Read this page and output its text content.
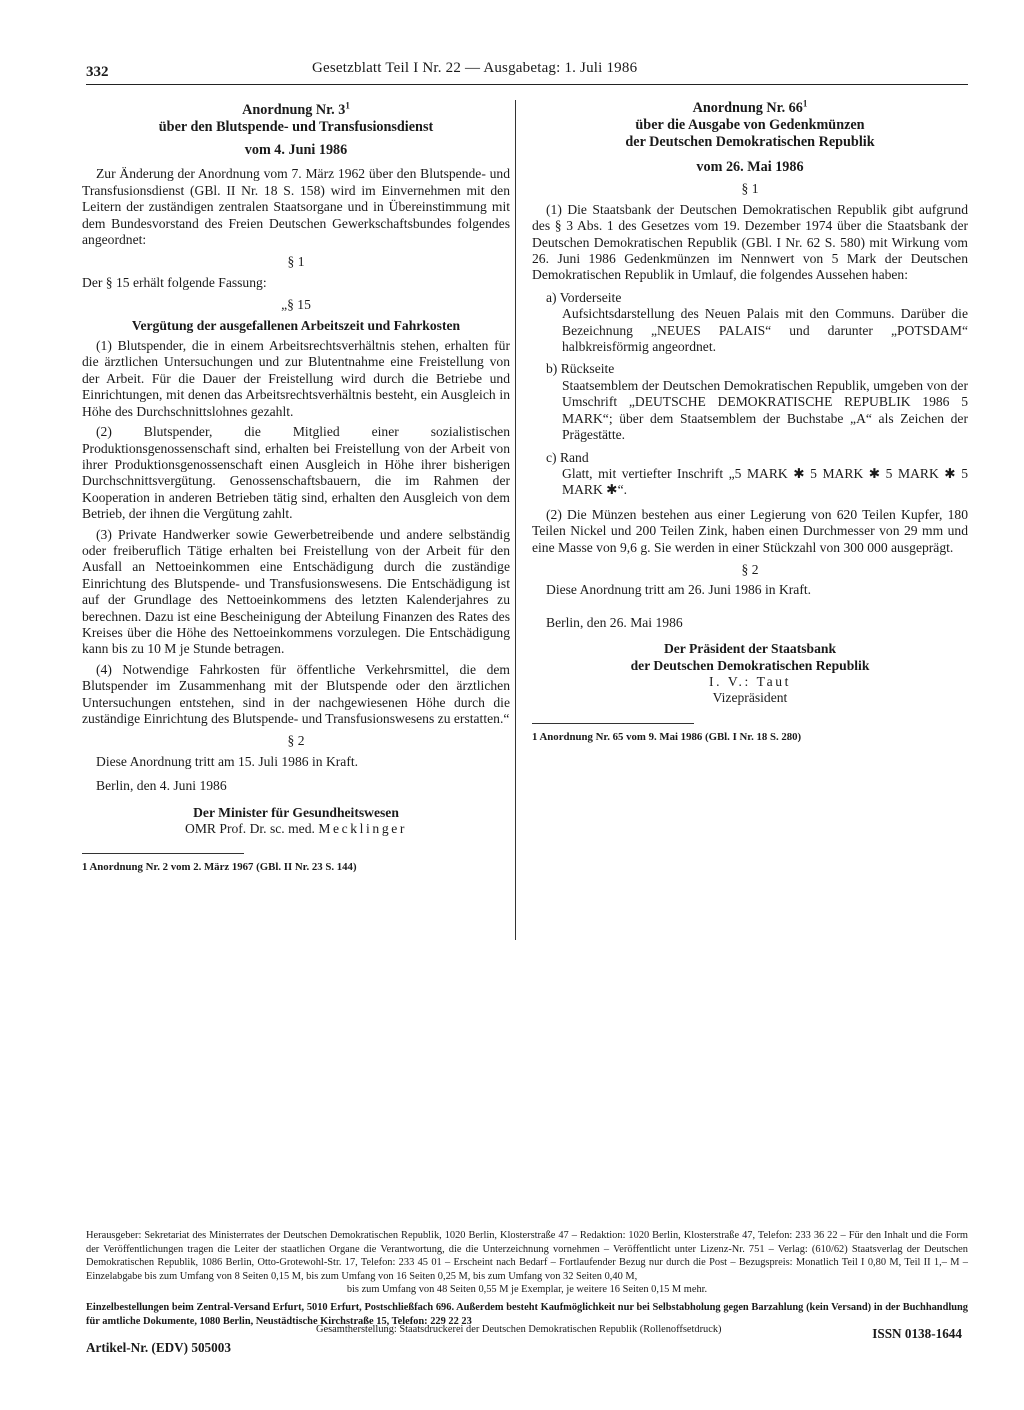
332	Gesetzblatt Teil I Nr. 22 — Ausgabetag: 1. Juli 1986
Anordnung Nr. $3^1$
über den Blutspende- und Transfusionsdienst
vom 4. Juni 1986

Zur Änderung der Anordnung vom 7. März 1962 über den Blutspende- und Transfusionsdienst (GBl. II Nr. 18 S. 158) wird im Einvernehmen mit den Leitern der zuständigen zentralen Staatsorgane und in Übereinstimmung mit dem Bundesvorstand des Freien Deutschen Gewerkschaftsbundes folgendes angeordnet:

§ 1

Der § 15 erhält folgende Fassung:

„§ 15
Vergütung der ausgefallenen Arbeitszeit und Fahrkosten

(1) Blutspender, die in einem Arbeitsrechtsverhältnis stehen, erhalten für die ärztlichen Untersuchungen und zur Blutentnahme eine Freistellung von der Arbeit. Für die Dauer der Freistellung wird durch die Betriebe und Einrichtungen, mit denen das Arbeitsrechtsverhältnis besteht, ein Ausgleich in Höhe des Durchschnittslohnes gezahlt.

(2) Blutspender, die Mitglied einer sozialistischen Produktionsgenossenschaft sind, erhalten bei Freistellung von der Arbeit von ihrer Produktionsgenossenschaft einen Ausgleich in Höhe ihrer bisherigen Durchschnittsvergütung. Genossenschaftsbauern, die im Rahmen der Kooperation in anderen Betrieben tätig sind, erhalten den Ausgleich von dem Betrieb, der ihnen die Vergütung zahlt.

(3) Private Handwerker sowie Gewerbetreibende und andere selbständig oder freiberuflich Tätige erhalten bei Freistellung von der Arbeit für den Ausfall an Nettoeinkommen eine Entschädigung durch die zuständige Einrichtung des Blutspende- und Transfusionswesens. Die Entschädigung ist auf der Grundlage des Nettoeinkommens des letzten Kalenderjahres zu berechnen. Dazu ist eine Bescheinigung der Abteilung Finanzen des Rates des Kreises über die Höhe des Nettoeinkommens vorzulegen. Die Entschädigung kann bis zu 10 M je Stunde betragen.

(4) Notwendige Fahrkosten für öffentliche Verkehrsmittel, die dem Blutspender im Zusammenhang mit der Blutspende oder den ärztlichen Untersuchungen entstehen, sind in der nachgewiesenen Höhe durch die zuständige Einrichtung des Blutspende- und Transfusionswesens zu erstatten.“

§ 2

Diese Anordnung tritt am 15. Juli 1986 in Kraft.

Berlin, den 4. Juni 1986

Der Minister für Gesundheitswesen
OMR Prof. Dr. sc. med. Mecklinger
1 Anordnung Nr. 2 vom 2. März 1967 (GBl. II Nr. 23 S. 144)
Anordnung Nr. $66^1$
über die Ausgabe von Gedenkmünzen
der Deutschen Demokratischen Republik
vom 26. Mai 1986
§ 1

(1) Die Staatsbank der Deutschen Demokratischen Republik gibt aufgrund des § 3 Abs. 1 des Gesetzes vom 19. Dezember 1974 über die Staatsbank der Deutschen Demokratischen Republik (GBl. I Nr. 62 S. 580) mit Wirkung vom 26. Juni 1986 Gedenkmünzen im Nennwert von 5 Mark der Deutschen Demokratischen Republik in Umlauf, die folgendes Aussehen haben:

a) Vorderseite
Aufsichtsdarstellung des Neuen Palais mit den Communs. Darüber die Bezeichnung „NEUES PALAIS“ und darunter „POTSDAM“ halbkreisförmig angeordnet.
b) Rückseite
Staatsemblem der Deutschen Demokratischen Republik, umgeben von der Umschrift „DEUTSCHE DEMOKRATISCHE REPUBLIK 1986 5 MARK“; über dem Staatsemblem der Buchstabe „A“ als Zeichen der Prägestätte.
c) Rand
Glatt, mit vertiefter Inschrift „5 MARK ✱ 5 MARK ✱ 5 MARK ✱ 5 MARK ✱“.

(2) Die Münzen bestehen aus einer Legierung von 620 Teilen Kupfer, 180 Teilen Nickel und 200 Teilen Zink, haben einen Durchmesser von 29 mm und eine Masse von 9,6 g. Sie werden in einer Stückzahl von 300 000 ausgeprägt.

§ 2

Diese Anordnung tritt am 26. Juni 1986 in Kraft.

Berlin, den 26. Mai 1986

Der Präsident der Staatsbank
der Deutschen Demokratischen Republik
I. V.: Taut
Vizepräsident
1 Anordnung Nr. 65 vom 9. Mai 1986 (GBl. I Nr. 18 S. 280)
Herausgeber: Sekretariat des Ministerrates der Deutschen Demokratischen Republik, 1020 Berlin, Klosterstraße 47 – Redaktion: 1020 Berlin, Klosterstraße 47, Telefon: 233 36 22 – Für den Inhalt und die Form der Veröffentlichungen tragen die Leiter der staatlichen Organe die Verantwortung, die die Unterzeichnung vornehmen – Veröffentlicht unter Lizenz-Nr. 751 – Verlag: (610/62) Staatsverlag der Deutschen Demokratischen Republik, 1086 Berlin, Otto-Grotewohl-Str. 17, Telefon: 233 45 01 – Erscheint nach Bedarf – Fortlaufender Bezug nur durch die Post – Bezugspreis: Monatlich Teil I 0,80 M, Teil II 1,– M – Einzelabgabe bis zum Umfang von 8 Seiten 0,15 M, bis zum Umfang von 16 Seiten 0,25 M, bis zum Umfang von 32 Seiten 0,40 M,
bis zum Umfang von 48 Seiten 0,55 M je Exemplar, je weitere 16 Seiten 0,15 M mehr.
Einzelbestellungen beim Zentral-Versand Erfurt, 5010 Erfurt, Postschließfach 696. Außerdem besteht Kaufmöglichkeit nur bei Selbstabholung gegen Barzahlung (kein Versand) in der Buchhandlung für amtliche Dokumente, 1080 Berlin, Neustädtische Kirchstraße 15, Telefon: 229 22 23
Artikel-Nr. (EDV) 505003
Gesamtherstellung: Staatsdruckerei der Deutschen Demokratischen Republik (Rollenoffsetdruck)	ISSN 0138-1644
